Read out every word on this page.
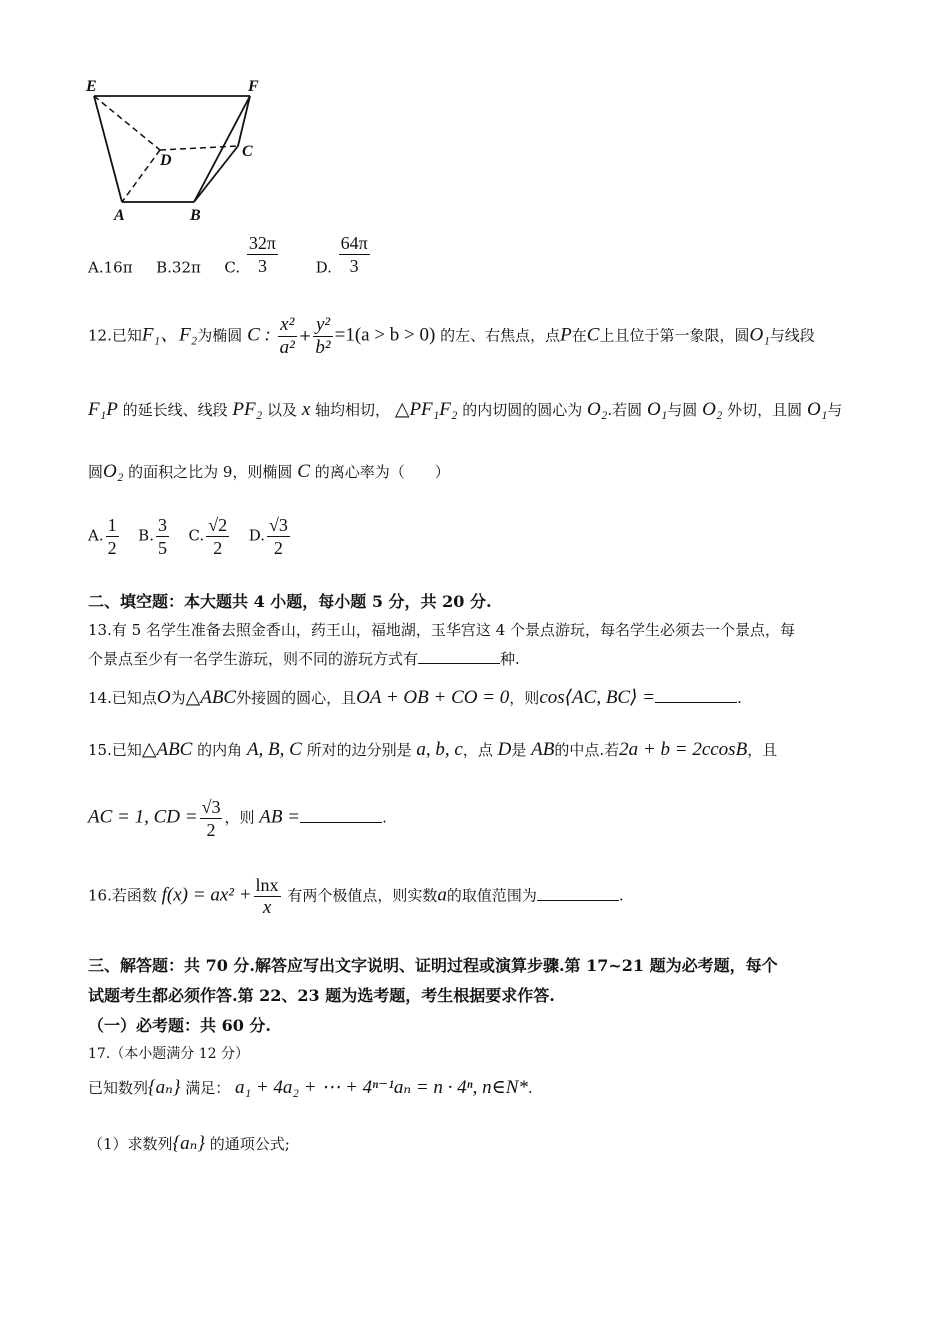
E	F
D
C
A	B
A.16π B.32π C. $\frac{32\pi}{3}$	D. $\frac{64\pi}{3}$
12.已知F₁、F₂为椭圆 C : $\frac{\text{x²}}{\text{a²}} + \frac{\text{y²}}{\text{b²}} =1(a > b > 0)$ 的左、右焦点，点P在C上且位于第一象限，圆O₁与线段
F₁P 的延长线、线段 PF₂ 以及 x 轴均相切， △PF₁F₂ 的内切圆的圆心为 O₂.若圆 O₁与圆 O₂ 外切，且圆 O₁与
圆O₂ 的面积之比为 9，则椭圆 C 的离心率为（　　）
A. $\frac{1}{2} B$. $\frac{3}{5} C$. $\frac{√2}{2} D$. $\frac{√3}{2}$
二、填空题：本大题共 4 小题，每小题 5 分，共 20 分.
13.有 5 名学生准备去照金香山，药王山，福地湖，玉华宫这 4 个景点游玩，每名学生必须去一个景点，每
个景点至少有一名学生游玩，则不同的游玩方式有	种.
14.已知点O为△ABC外接圆的圆心，且OA + OB + CO = 0，则cos⟨AC, BC⟩ =	.
15.已知△ABC 的内角 A, B, C 所对的边分别是 a, b, c，点 D是 AB的中点.若2a + b = 2ccosB，且
AC = 1, CD = $\frac{√3}{2}$ ，则 AB =	.
16.若函数 $f(x) = ax^2 + \frac{\ln x}{x}$ 有两个极值点，则实数a的取值范围为	.
三、解答题：共 70 分.解答应写出文字说明、证明过程或演算步骤.第 17~21 题为必考题，每个
试题考生都必须作答.第 22、23 题为选考题，考生根据要求作答.
（一）必考题：共 60 分.
17.（本小题满分 12 分）
已知数列{aₙ} 满足： a₁ + 4a₂ + ⋯ + 4ⁿ⁻¹aₙ = n · 4ⁿ, n∈N*.
（1）求数列{aₙ} 的通项公式;
